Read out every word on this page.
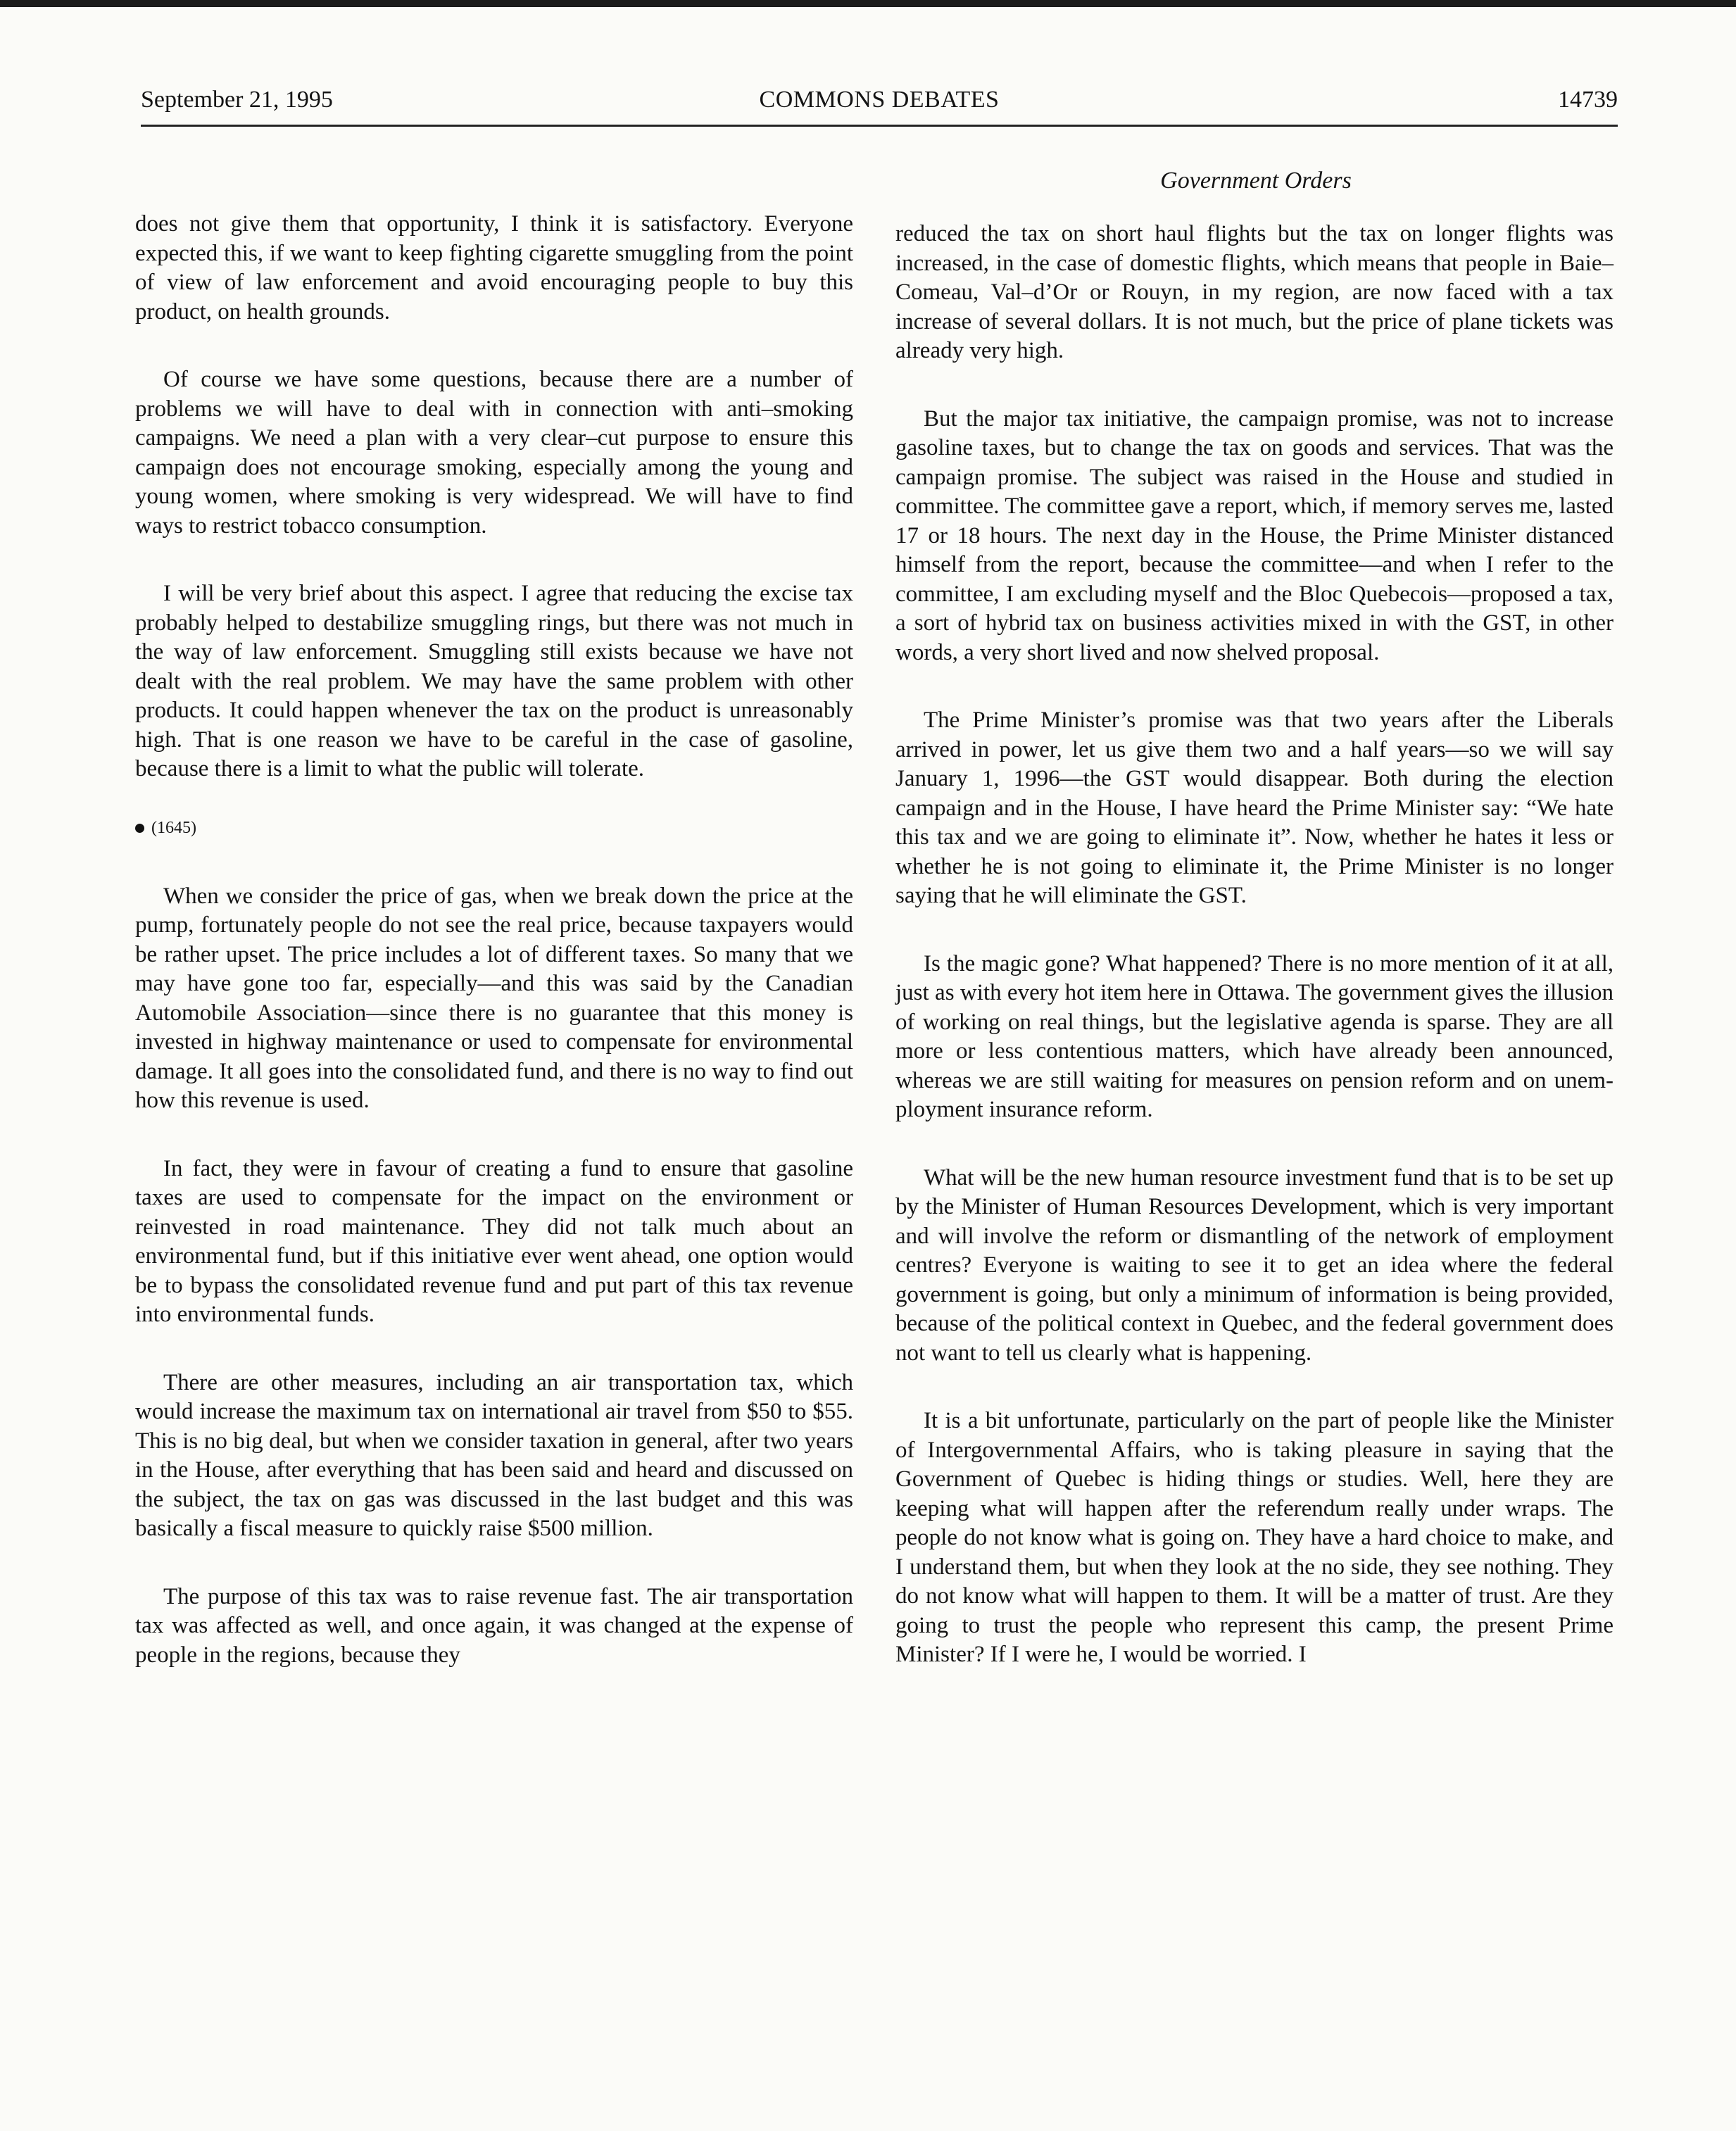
September 21, 1995	COMMONS DEBATES	14739
Government Orders

does not give them that opportunity, I think it is satisfactory. Everyone expected this, if we want to keep fighting cigarette smuggling from the point of view of law enforcement and avoid encouraging people to buy this product, on health grounds.

Of course we have some questions, because there are a number of problems we will have to deal with in connection with anti–smoking campaigns. We need a plan with a very clear–cut purpose to ensure this campaign does not encourage smoking, especially among the young and young women, where smoking is very widespread. We will have to find ways to restrict tobacco consumption.

I will be very brief about this aspect. I agree that reducing the excise tax probably helped to destabilize smuggling rings, but there was not much in the way of law enforcement. Smuggling still exists because we have not dealt with the real problem. We may have the same problem with other products. It could happen whenever the tax on the product is unreasonably high. That is one reason we have to be careful in the case of gasoline, because there is a limit to what the public will tolerate.

(1645)

When we consider the price of gas, when we break down the price at the pump, fortunately people do not see the real price, because taxpayers would be rather upset. The price includes a lot of different taxes. So many that we may have gone too far, especially—and this was said by the Canadian Automobile Association—since there is no guarantee that this money is invested in highway maintenance or used to compensate for environmental damage. It all goes into the consolidated fund, and there is no way to find out how this revenue is used.

In fact, they were in favour of creating a fund to ensure that gasoline taxes are used to compensate for the impact on the environment or reinvested in road maintenance. They did not talk much about an environmental fund, but if this initiative ever went ahead, one option would be to bypass the consolidated revenue fund and put part of this tax revenue into environmental funds.

There are other measures, including an air transportation tax, which would increase the maximum tax on international air travel from $50 to $55. This is no big deal, but when we consider taxation in general, after two years in the House, after everything that has been said and heard and discussed on the subject, the tax on gas was discussed in the last budget and this was basically a fiscal measure to quickly raise $500 million.

The purpose of this tax was to raise revenue fast. The air transportation tax was affected as well, and once again, it was changed at the expense of people in the regions, because they

reduced the tax on short haul flights but the tax on longer flights was increased, in the case of domestic flights, which means that people in Baie–Comeau, Val–d’Or or Rouyn, in my region, are now faced with a tax increase of several dollars. It is not much, but the price of plane tickets was already very high.

But the major tax initiative, the campaign promise, was not to increase gasoline taxes, but to change the tax on goods and services. That was the campaign promise. The subject was raised in the House and studied in committee. The committee gave a report, which, if memory serves me, lasted 17 or 18 hours. The next day in the House, the Prime Minister distanced himself from the report, because the committee—and when I refer to the committee, I am excluding myself and the Bloc Quebecois—proposed a tax, a sort of hybrid tax on business activities mixed in with the GST, in other words, a very short lived and now shelved proposal.

The Prime Minister’s promise was that two years after the Liberals arrived in power, let us give them two and a half years—so we will say January 1, 1996—the GST would disappear. Both during the election campaign and in the House, I have heard the Prime Minister say: “We hate this tax and we are going to eliminate it”. Now, whether he hates it less or whether he is not going to eliminate it, the Prime Minister is no longer saying that he will eliminate the GST.

Is the magic gone? What happened? There is no more mention of it at all, just as with every hot item here in Ottawa. The government gives the illusion of working on real things, but the legislative agenda is sparse. They are all more or less contentious matters, which have already been announced, whereas we are still waiting for measures on pension reform and on unemployment insurance reform.

What will be the new human resource investment fund that is to be set up by the Minister of Human Resources Development, which is very important and will involve the reform or dismantling of the network of employment centres? Everyone is waiting to see it to get an idea where the federal government is going, but only a minimum of information is being provided, because of the political context in Quebec, and the federal government does not want to tell us clearly what is happening.

It is a bit unfortunate, particularly on the part of people like the Minister of Intergovernmental Affairs, who is taking pleasure in saying that the Government of Quebec is hiding things or studies. Well, here they are keeping what will happen after the referendum really under wraps. The people do not know what is going on. They have a hard choice to make, and I understand them, but when they look at the no side, they see nothing. They do not know what will happen to them. It will be a matter of trust. Are they going to trust the people who represent this camp, the present Prime Minister? If I were he, I would be worried. I
